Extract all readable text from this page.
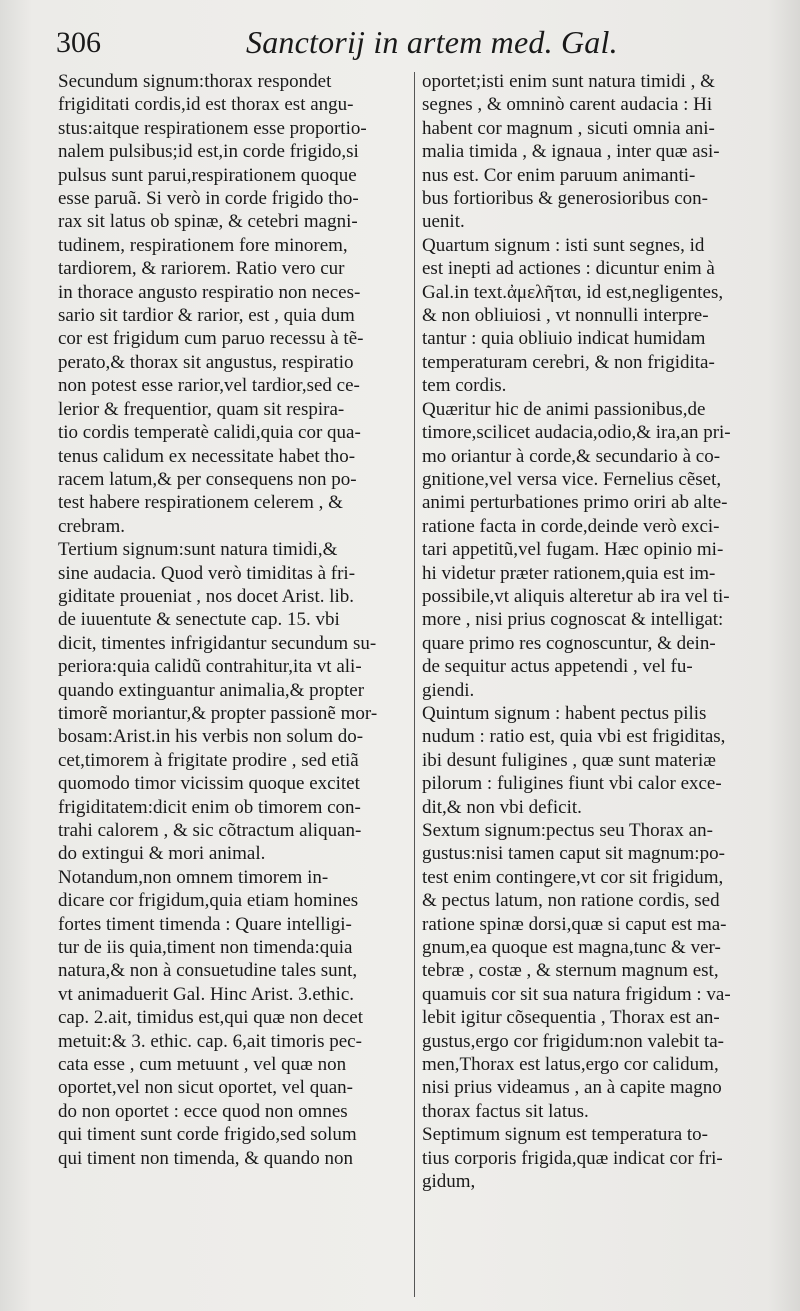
306	Sanctorij in artem med. Gal.

Secundum signum:thorax respondet
frigiditati cordis,id est thorax est angu-
stus:aitque respirationem esse proportio-
nalem pulsibus;id est,in corde frigido,si
pulsus sunt parui,respirationem quoque
esse paruã. Si verò in corde frigido tho-
rax sit latus ob spinæ, & cetebri magni-
tudinem, respirationem fore minorem,
tardiorem, & rariorem. Ratio vero cur
in thorace angusto respiratio non neces-
sario sit tardior & rarior, est , quia dum
cor est frigidum cum paruo recessu à tẽ-
perato,& thorax sit angustus, respiratio
non potest esse rarior,vel tardior,sed ce-
lerior & frequentior, quam sit respira-
tio cordis temperatè calidi,quia cor qua-
tenus calidum ex necessitate habet tho-
racem latum,& per consequens non po-
test habere respirationem celerem , &
crebram.
Tertium signum:sunt natura timidi,&
sine audacia. Quod verò timiditas à fri-
giditate proueniat , nos docet Arist. lib.
de iuuentute & senectute cap. 15. vbi
dicit, timentes infrigidantur secundum su-
periora:quia calidũ contrahitur,ita vt ali-
quando extinguantur animalia,& propter
timorẽ moriantur,& propter passionẽ mor-
bosam:Arist.in his verbis non solum do-
cet,timorem à frigitate prodire , sed etiã
quomodo timor vicissim quoque excitet
frigiditatem:dicit enim ob timorem con-
trahi calorem , & sic cõtractum aliquan-
do extingui & mori animal.
Notandum,non omnem timorem in-
dicare cor frigidum,quia etiam homines
fortes timent timenda : Quare intelligi-
tur de iis quia,timent non timenda:quia
natura,& non à consuetudine tales sunt,
vt animaduerit Gal. Hinc Arist. 3.ethic.
cap. 2.ait, timidus est,qui quæ non decet
metuit:& 3. ethic. cap. 6,ait timoris pec-
cata esse , cum metuunt , vel quæ non
oportet,vel non sicut oportet, vel quan-
do non oportet : ecce quod non omnes
qui timent sunt corde frigido,sed solum
qui timent non timenda, & quando non

oportet;isti enim sunt natura timidi , &
segnes , & omninò carent audacia : Hi
habent cor magnum , sicuti omnia ani-
malia timida , & ignaua , inter quæ asi-
nus est. Cor enim paruum animanti-
bus fortioribus & generosioribus con-
uenit.
Quartum signum : isti sunt segnes, id
est inepti ad actiones : dicuntur enim à
Gal.in text.ἀμελῆται, id est,negligentes,
& non obliuiosi , vt nonnulli interpre-
tantur : quia obliuio indicat humidam
temperaturam cerebri, & non frigidita-
tem cordis.
Quæritur hic de animi passionibus,de
timore,scilicet audacia,odio,& ira,an pri-
mo oriantur à corde,& secundario à co-
gnitione,vel versa vice. Fernelius cẽset,
animi perturbationes primo oriri ab alte-
ratione facta in corde,deinde verò exci-
tari appetitũ,vel fugam. Hæc opinio mi-
hi videtur præter rationem,quia est im-
possibile,vt aliquis alteretur ab ira vel ti-
more , nisi prius cognoscat & intelligat:
quare primo res cognoscuntur, & dein-
de sequitur actus appetendi , vel fu-
giendi.
Quintum signum : habent pectus pilis
nudum : ratio est, quia vbi est frigiditas,
ibi desunt fuligines , quæ sunt materiæ
pilorum : fuligines fiunt vbi calor exce-
dit,& non vbi deficit.
Sextum signum:pectus seu Thorax an-
gustus:nisi tamen caput sit magnum:po-
test enim contingere,vt cor sit frigidum,
& pectus latum, non ratione cordis, sed
ratione spinæ dorsi,quæ si caput est ma-
gnum,ea quoque est magna,tunc & ver-
tebræ , costæ , & sternum magnum est,
quamuis cor sit sua natura frigidum : va-
lebit igitur cõsequentia , Thorax est an-
gustus,ergo cor frigidum:non valebit ta-
men,Thorax est latus,ergo cor calidum,
nisi prius videamus , an à capite magno
thorax factus sit latus.
Septimum signum est temperatura to-
tius corporis frigida,quæ indicat cor fri-
gidum,
